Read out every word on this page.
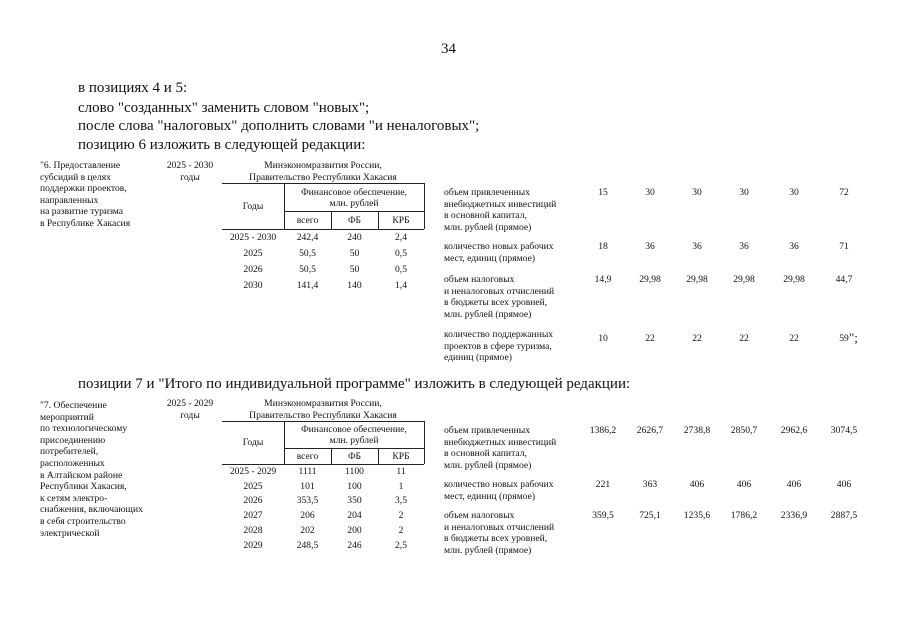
34
в позициях 4 и 5:
слово "созданных" заменить словом "новых";
после слова "налоговых" дополнить словами "и неналоговых";
позицию 6 изложить в следующей редакции:
"6. Предоставление
субсидий в целях
поддержки проектов,
направленных
на развитие туризма
в Республике Хакасия
2025 - 2030
годы
Минэкономразвития России,
Правительство Республики Хакасия
Годы
Финансовое обеспечение,
млн. рублей
всего	ФБ	КРБ
2025 - 2030	242,4	240	2,4
2025	50,5	50	0,5
2026	50,5	50	0,5
2030	141,4	140	1,4
объем привлеченных
внебюджетных инвестиций
в основной капитал,
млн. рублей (прямое)
15	30	30	30	30	72
количество новых рабочих
мест, единиц (прямое)
18	36	36	36	36	71
объем налоговых
и неналоговых отчислений
в бюджеты всех уровней,
млн. рублей (прямое)
14,9	29,98	29,98	29,98	29,98	44,7
количество поддержанных
проектов в сфере туризма,
единиц (прямое)
10	22	22	22	22	59 ";
позиции 7 и "Итого по индивидуальной программе" изложить в следующей редакции:
"7. Обеспечение
мероприятий
по технологическому
присоединению
потребителей,
расположенных
в Алтайском районе
Республики Хакасия,
к сетям электро-
снабжения, включающих
в себя строительство
электрической
2025 - 2029
годы
Минэкономразвития России,
Правительство Республики Хакасия
Годы
Финансовое обеспечение,
млн. рублей
всего	ФБ	КРБ
2025 - 2029	1111	1100	11
2025	101	100	1
2026	353,5	350	3,5
2027	206	204	2
2028	202	200	2
2029	248,5	246	2,5
объем привлеченных
внебюджетных инвестиций
в основной капитал,
млн. рублей (прямое)
1386,2	2626,7	2738,8	2850,7	2962,6	3074,5
количество новых рабочих
мест, единиц (прямое)
221	363	406	406	406	406
объем налоговых
и неналоговых отчислений
в бюджеты всех уровней,
млн. рублей (прямое)
359,5	725,1	1235,6	1786,2	2336,9	2887,5
